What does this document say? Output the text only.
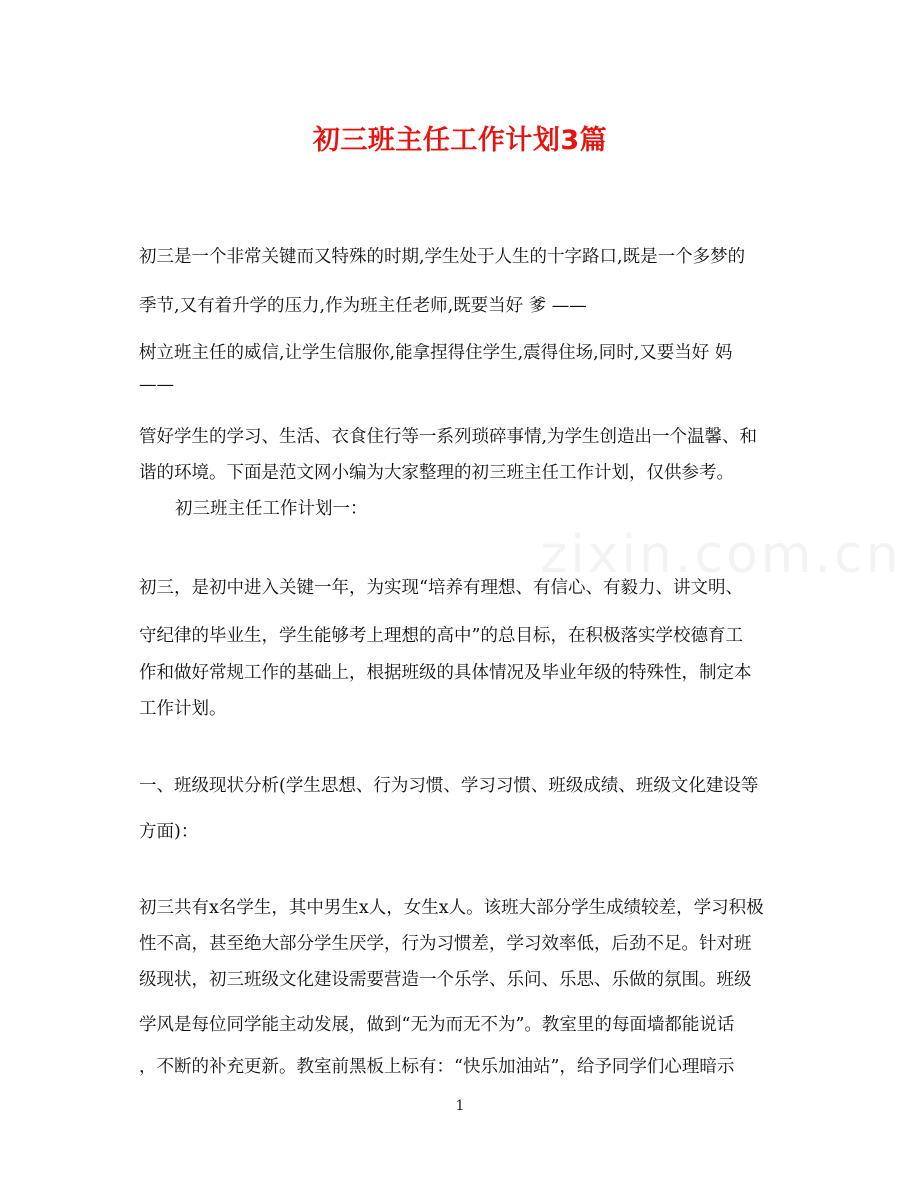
初三班主任工作计划3篇
初三是一个非常关键而又特殊的时期,学生处于人生的十字路口,既是一个多梦的
季节,又有着升学的压力,作为班主任老师,既要当好 爹 ——
树立班主任的威信,让学生信服你,能拿捏得住学生,震得住场,同时,又要当好 妈
——
管好学生的学习、生活、衣食住行等一系列琐碎事情,为学生创造出一个温馨、和
谐的环境。下面是范文网小编为大家整理的初三班主任工作计划，仅供参考。
初三班主任工作计划一：
初三，是初中进入关键一年，为实现“培养有理想、有信心、有毅力、讲文明、
守纪律的毕业生，学生能够考上理想的高中”的总目标，在积极落实学校德育工
作和做好常规工作的基础上，根据班级的具体情况及毕业年级的特殊性，制定本
工作计划。
一、班级现状分析(学生思想、行为习惯、学习习惯、班级成绩、班级文化建设等
方面)：
初三共有x名学生，其中男生x人，女生x人。该班大部分学生成绩较差，学习积极
性不高，甚至绝大部分学生厌学，行为习惯差，学习效率低，后劲不足。针对班
级现状，初三班级文化建设需要营造一个乐学、乐问、乐思、乐做的氛围。班级
学风是每位同学能主动发展，做到“无为而无不为”。教室里的每面墙都能说话
，不断的补充更新。教室前黑板上标有：“快乐加油站”，给予同学们心理暗示
1
